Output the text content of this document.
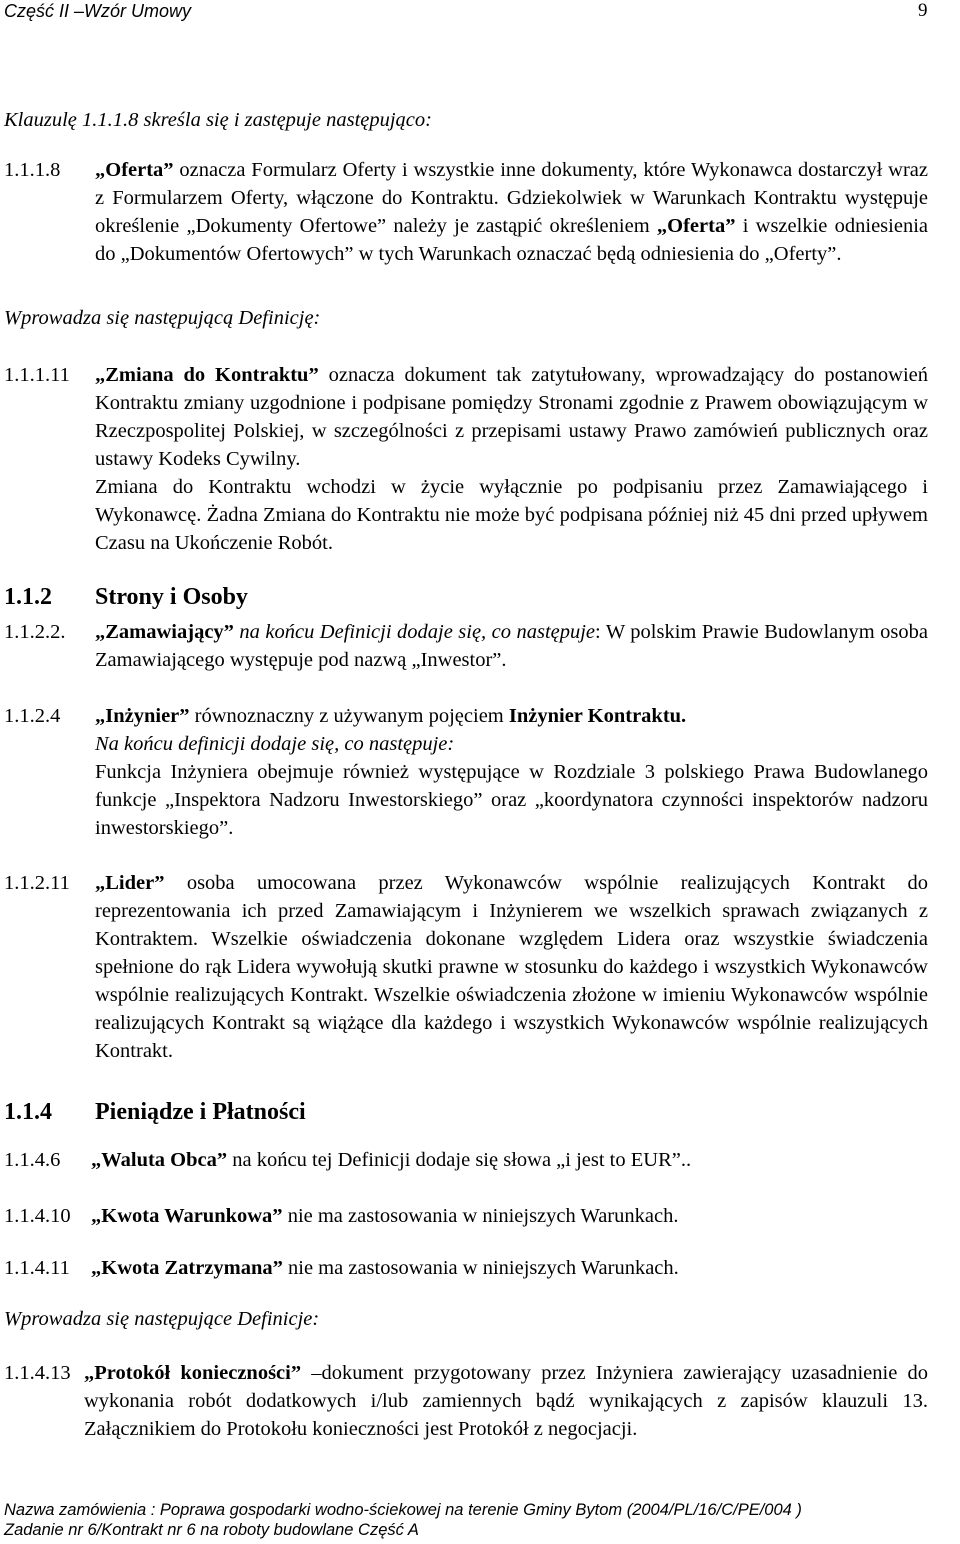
Część II –Wzór Umowy	9
Klauzulę 1.1.1.8 skreśla się i zastępuje następująco:
1.1.1.8 „Oferta” oznacza Formularz Oferty i wszystkie inne dokumenty, które Wykonawca dostarczył wraz z Formularzem Oferty, włączone do Kontraktu. Gdziekolwiek w Warunkach Kontraktu występuje określenie „Dokumenty Ofertowe” należy je zastąpić określeniem „Oferta” i wszelkie odniesienia do „Dokumentów Ofertowych” w tych Warunkach oznaczać będą odniesienia do „Oferty”.

Wprowadza się następującą Definicję:
1.1.1.11 „Zmiana do Kontraktu” oznacza dokument tak zatytułowany, wprowadzający do postanowień Kontraktu zmiany uzgodnione i podpisane pomiędzy Stronami zgodnie z Prawem obowiązującym w Rzeczpospolitej Polskiej, w szczególności z przepisami ustawy Prawo zamówień publicznych oraz ustawy Kodeks Cywilny.

Zmiana do Kontraktu wchodzi w życie wyłącznie po podpisaniu przez Zamawiającego i Wykonawcę. Żadna Zmiana do Kontraktu nie może być podpisana później niż 45 dni przed upływem Czasu na Ukończenie Robót.

1.1.2 Strony i Osoby
1.1.2.2. „Zamawiający” na końcu Definicji dodaje się, co następuje: W polskim Prawie Budowlanym osoba Zamawiającego występuje pod nazwą „Inwestor”.

1.1.2.4 „Inżynier” równoznaczny z używanym pojęciem Inżynier Kontraktu.

Na końcu definicji dodaje się, co następuje:

Funkcja Inżyniera obejmuje również występujące w Rozdziale 3 polskiego Prawa Budowlanego funkcje „Inspektora Nadzoru Inwestorskiego” oraz „koordynatora czynności inspektorów nadzoru inwestorskiego”.

1.1.2.11 „Lider” osoba umocowana przez Wykonawców wspólnie realizujących Kontrakt do reprezentowania ich przed Zamawiającym i Inżynierem we wszelkich sprawach związanych z Kontraktem. Wszelkie oświadczenia dokonane względem Lidera oraz wszystkie świadczenia spełnione do rąk Lidera wywołują skutki prawne w stosunku do każdego i wszystkich Wykonawców wspólnie realizujących Kontrakt. Wszelkie oświadczenia złożone w imieniu Wykonawców wspólnie realizujących Kontrakt są wiążące dla każdego i wszystkich Wykonawców wspólnie realizujących Kontrakt.

1.1.4 Pieniądze i Płatności
1.1.4.6 „Waluta Obca” na końcu tej Definicji dodaje się słowa „i jest to EUR”..

1.1.4.10 „Kwota Warunkowa” nie ma zastosowania w niniejszych Warunkach.

1.1.4.11 „Kwota Zatrzymana” nie ma zastosowania w niniejszych Warunkach.

Wprowadza się następujące Definicje:
1.1.4.13 „Protokół konieczności” –dokument przygotowany przez Inżyniera zawierający uzasadnienie do wykonania robót dodatkowych i/lub zamiennych bądź wynikających z zapisów klauzuli 13. Załącznikiem do Protokołu konieczności jest Protokół z negocjacji.

Nazwa zamówienia : Poprawa gospodarki wodno-ściekowej na terenie Gminy Bytom (2004/PL/16/C/PE/004 )
Zadanie nr 6/Kontrakt nr 6 na roboty budowlane Część A
